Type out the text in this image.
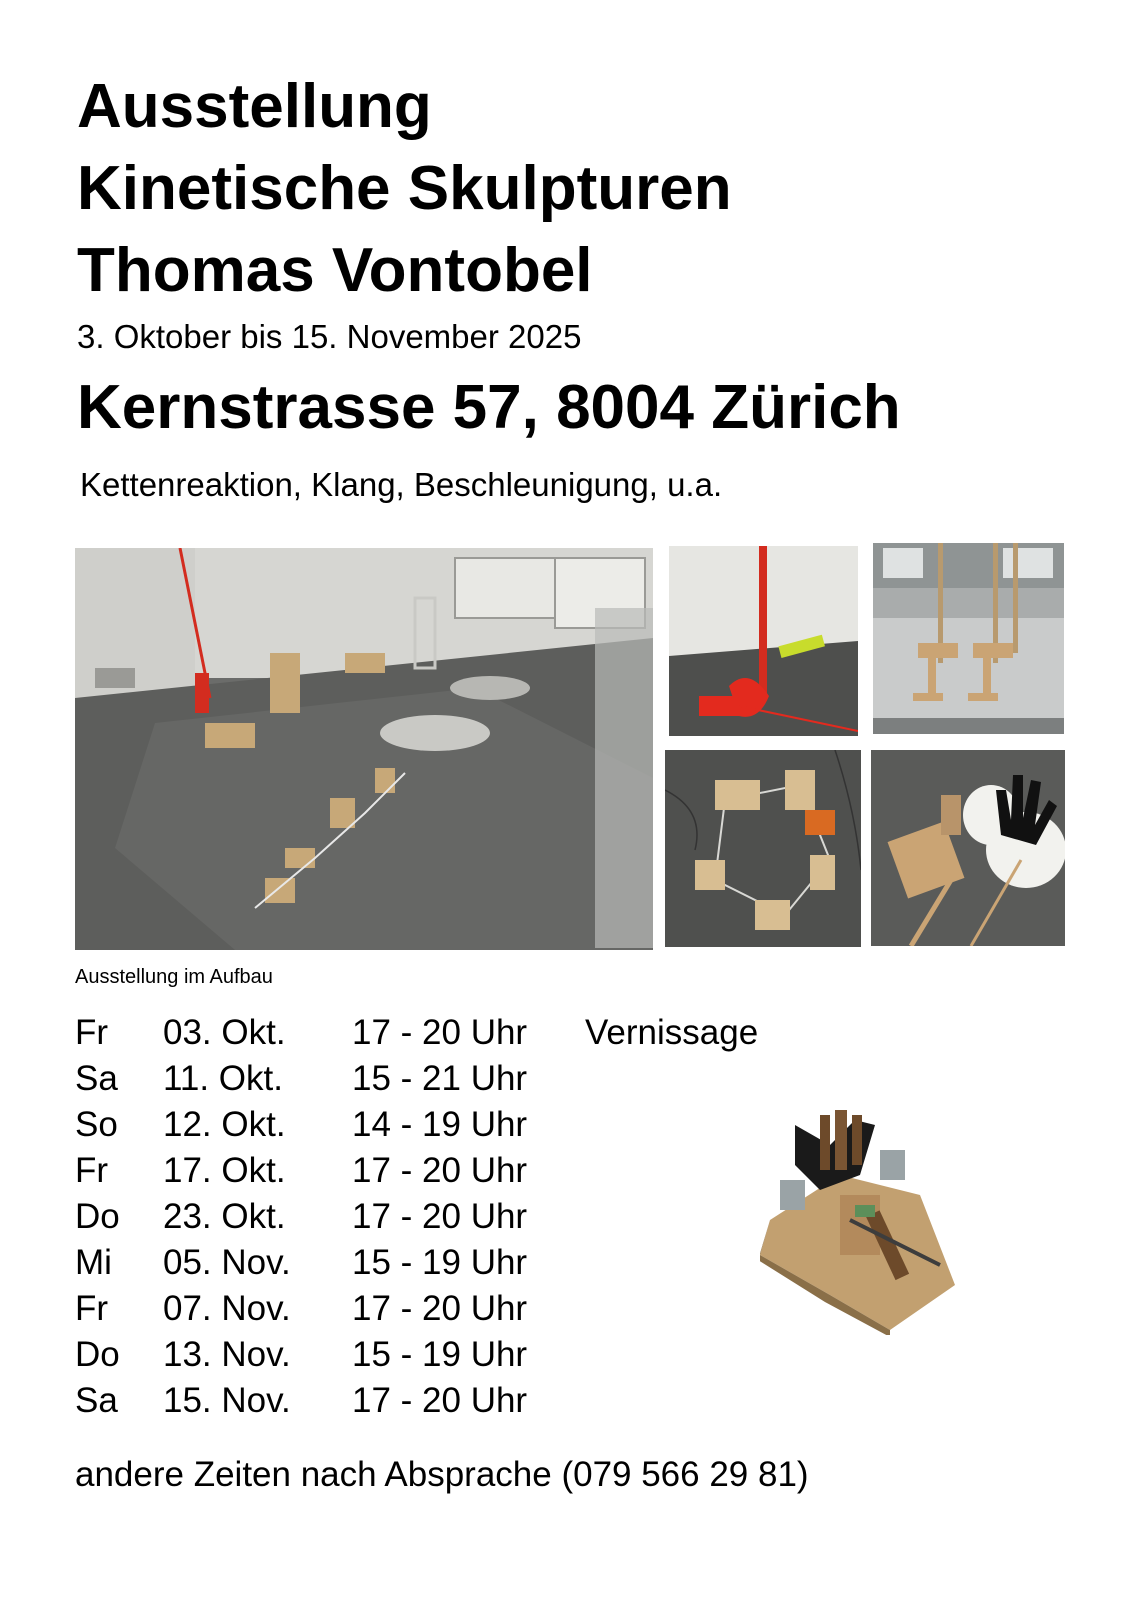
Ausstellung
Kinetische Skulpturen
Thomas Vontobel
3. Oktober bis 15. November 2025
Kernstrasse 57, 8004 Zürich
Kettenreaktion, Klang, Beschleunigung, u.a.
Ausstellung im Aufbau
Fr 03. Okt. 17 - 20 Uhr Vernissage
Sa 11. Okt. 15 - 21 Uhr
So 12. Okt. 14 - 19 Uhr
Fr 17. Okt. 17 - 20 Uhr
Do 23. Okt. 17 - 20 Uhr
Mi 05. Nov. 15 - 19 Uhr
Fr 07. Nov. 17 - 20 Uhr
Do 13. Nov. 15 - 19 Uhr
Sa 15. Nov. 17 - 20 Uhr
andere Zeiten nach Absprache (079 566 29 81)
